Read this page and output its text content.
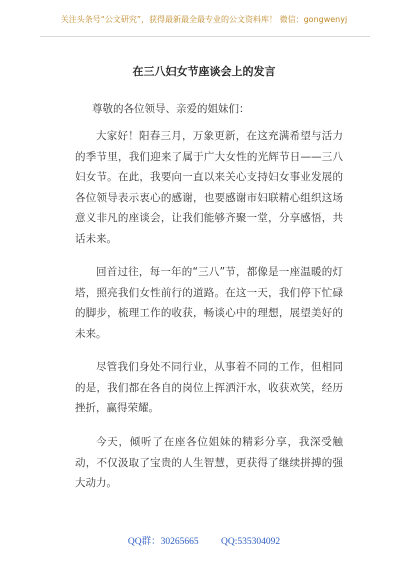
关注头条号“公文研究”，获得最新最全最专业的公文资料库！ 微信：gongwenyj
在三八妇女节座谈会上的发言
尊敬的各位领导、亲爱的姐妹们：
大家好！阳春三月，万象更新，在这充满希望与活力的季节里，我们迎来了属于广大女性的光辉节日——三八妇女节。在此，我要向一直以来关心支持妇女事业发展的各位领导表示衷心的感谢，也要感谢市妇联精心组织这场意义非凡的座谈会，让我们能够齐聚一堂，分享感悟，共话未来。
回首过往，每一年的“三八”节，都像是一座温暖的灯塔，照亮我们女性前行的道路。在这一天，我们停下忙碌的脚步，梳理工作的收获，畅谈心中的理想，展望美好的未来。
尽管我们身处不同行业，从事着不同的工作，但相同的是，我们都在各自的岗位上挥洒汗水，收获欢笑，经历挫折，赢得荣耀。
今天，倾听了在座各位姐妹的精彩分享，我深受触动，不仅汲取了宝贵的人生智慧，更获得了继续拼搏的强大动力。
QQ群：30265665 QQ:535304092
